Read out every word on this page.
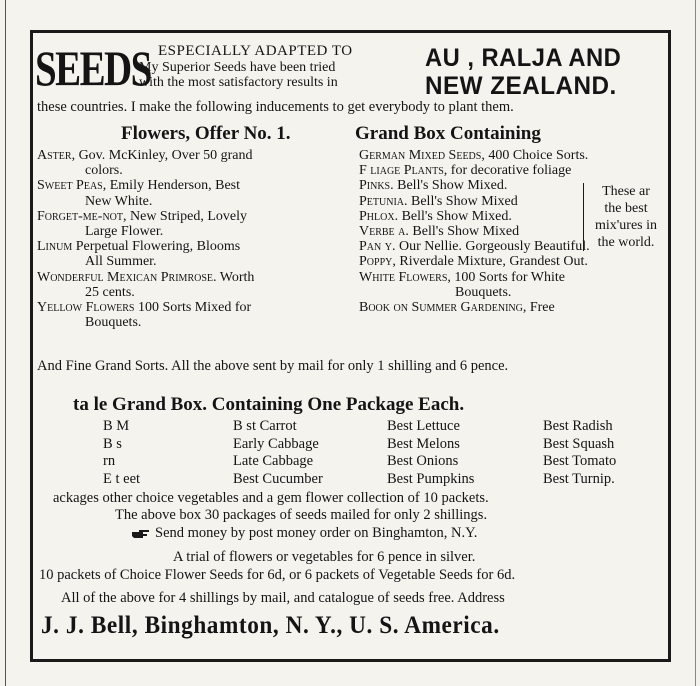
SEEDS ESPECIALLY ADAPTED TO
My Superior Seeds have been tried
with the most satisfactory results in
AU , RALJA AND
NEW ZEALAND.
these countries. I make the following inducements to get everybody to plant them.
Flowers, Offer No. 1.	Grand Box Containing
Aster, Gov. McKinley, Over 50 grand
colors.
Sweet Peas, Emily Henderson, Best
New White.
Forget-me-not, New Striped, Lovely
Large Flower.
Linum Perpetual Flowering, Blooms
All Summer.
Wonderful Mexican Primrose. Worth
25 cents.
Yellow Flowers 100 Sorts Mixed for
Bouquets.
German Mixed Seeds, 400 Choice Sorts.
F liage Plants, for decorative foliage
Pinks. Bell's Show Mixed.
Petunia. Bell's Show Mixed
Phlox. Bell's Show Mixed.
Verbe a. Bell's Show Mixed
Pan y. Our Nellie. Gorgeously Beautiful.
Poppy, Riverdale Mixture, Grandest Out.
White Flowers, 100 Sorts for White
Bouquets.
Book on Summer Gardening, Free
These ar
the best
mix'ures in
the world.
And Fine Grand Sorts. All the above sent by mail for only 1 shilling and 6 pence.
ta le Grand Box. Containing One Package Each.
B M	B st Carrot	Best Lettuce	Best Radish
B s	Early Cabbage	Best Melons	Best Squash
rn	Late Cabbage	Best Onions	Best Tomato
E t eet	Best Cucumber	Best Pumpkins	Best Turnip.
ackages other choice vegetables and a gem flower collection of 10 packets.
The above box 30 packages of seeds mailed for only 2 shillings.
Send money by post money order on Binghamton, N.Y.
A trial of flowers or vegetables for 6 pence in silver.
10 packets of Choice Flower Seeds for 6d, or 6 packets of Vegetable Seeds for 6d.
All of the above for 4 shillings by mail, and catalogue of seeds free. Address
J. J. Bell, Binghamton, N. Y., U. S. America.
